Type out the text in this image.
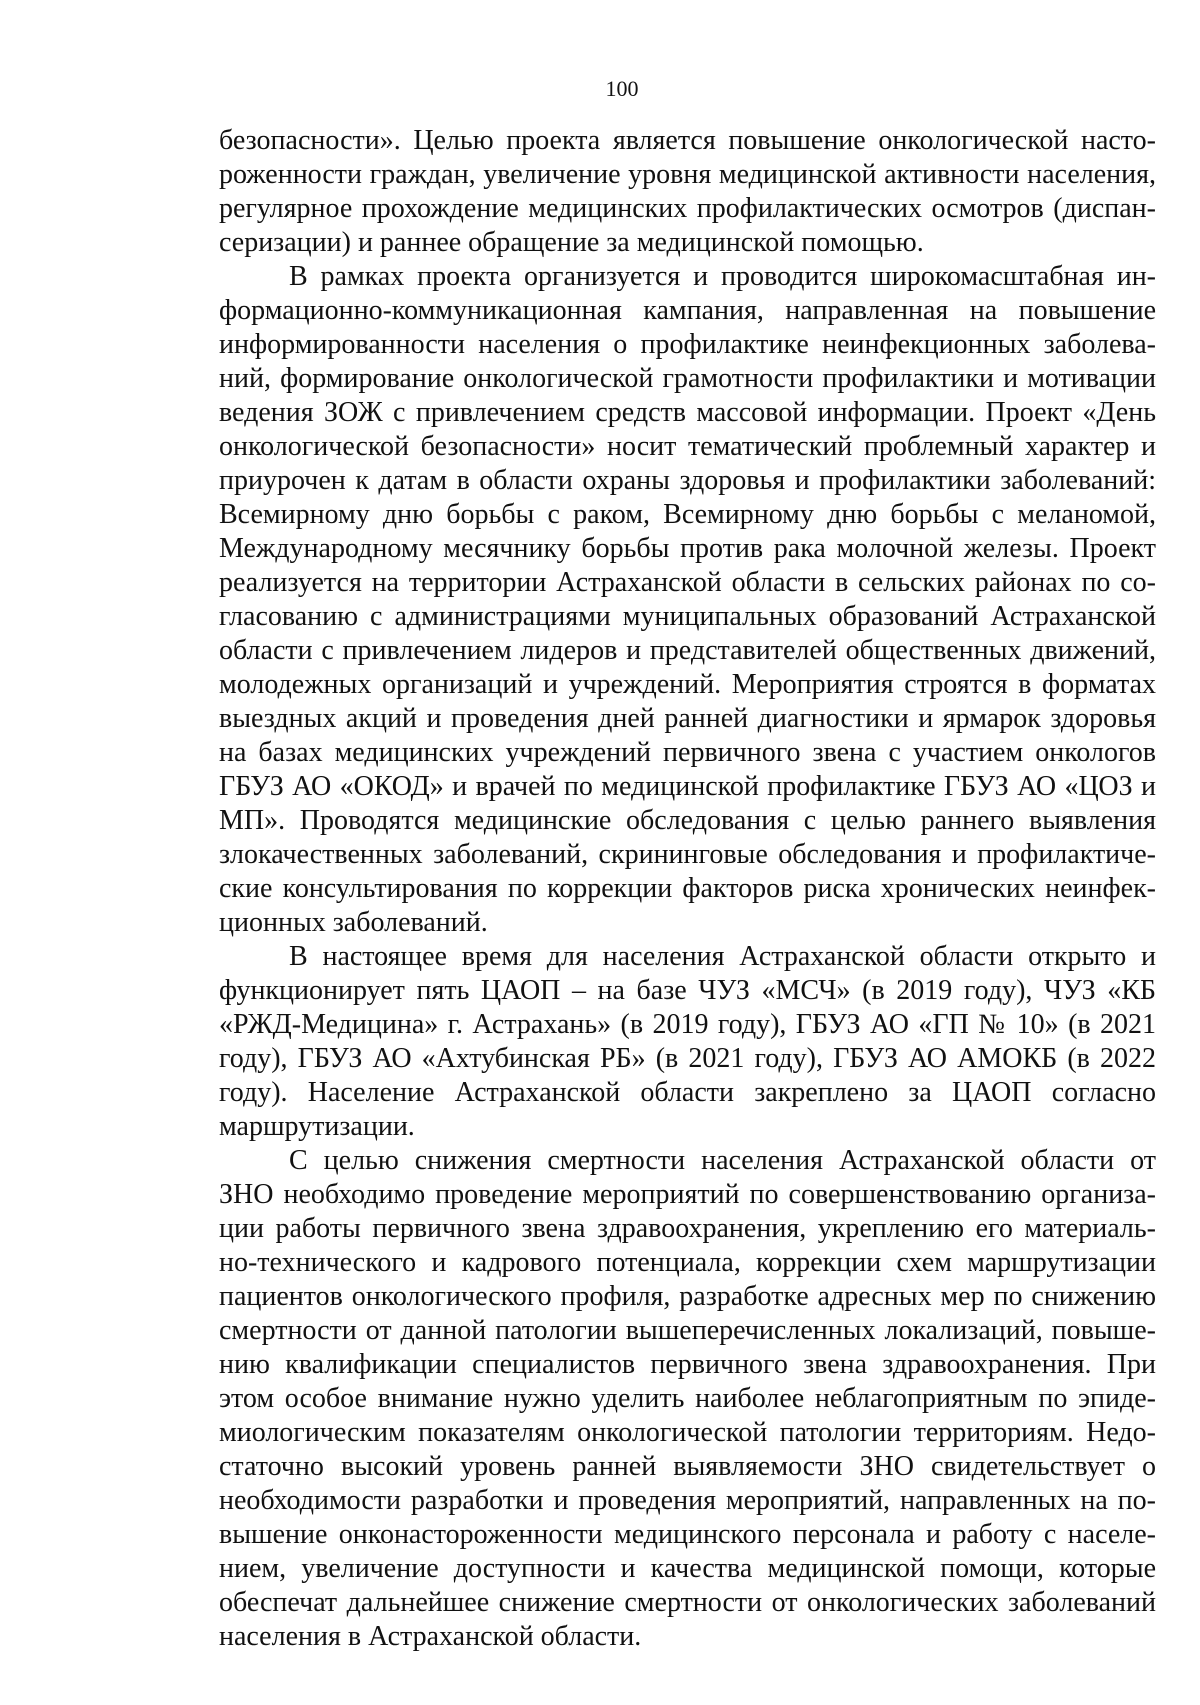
100

безопасности». Целью проекта является повышение онкологической насто-
роженности граждан, увеличение уровня медицинской активности населения,
регулярное прохождение медицинских профилактических осмотров (диспан-
серизации) и раннее обращение за медицинской помощью.

В рамках проекта организуется и проводится широкомасштабная ин-
формационно-коммуникационная кампания, направленная на повышение
информированности населения о профилактике неинфекционных заболева-
ний, формирование онкологической грамотности профилактики и мотивации
ведения ЗОЖ с привлечением средств массовой информации. Проект «День
онкологической безопасности» носит тематический проблемный характер и
приурочен к датам в области охраны здоровья и профилактики заболеваний:
Всемирному дню борьбы с раком, Всемирному дню борьбы с меланомой,
Международному месячнику борьбы против рака молочной железы. Проект
реализуется на территории Астраханской области в сельских районах по со-
гласованию с администрациями муниципальных образований Астраханской
области с привлечением лидеров и представителей общественных движений,
молодежных организаций и учреждений. Мероприятия строятся в форматах
выездных акций и проведения дней ранней диагностики и ярмарок здоровья
на базах медицинских учреждений первичного звена с участием онкологов
ГБУЗ АО «ОКОД» и врачей по медицинской профилактике ГБУЗ АО «ЦОЗ и
МП». Проводятся медицинские обследования с целью раннего выявления
злокачественных заболеваний, скрининговые обследования и профилактиче-
ские консультирования по коррекции факторов риска хронических неинфек-
ционных заболеваний.

В настоящее время для населения Астраханской области открыто и
функционирует пять ЦАОП – на базе ЧУЗ «МСЧ» (в 2019 году), ЧУЗ «КБ
«РЖД-Медицина» г. Астрахань» (в 2019 году), ГБУЗ АО «ГП № 10» (в 2021
году), ГБУЗ АО «Ахтубинская РБ» (в 2021 году), ГБУЗ АО АМОКБ (в 2022
году). Население Астраханской области закреплено за ЦАОП согласно
маршрутизации.

С целью снижения смертности населения Астраханской области от
ЗНО необходимо проведение мероприятий по совершенствованию организа-
ции работы первичного звена здравоохранения, укреплению его материаль-
но-технического и кадрового потенциала, коррекции схем маршрутизации
пациентов онкологического профиля, разработке адресных мер по снижению
смертности от данной патологии вышеперечисленных локализаций, повыше-
нию квалификации специалистов первичного звена здравоохранения. При
этом особое внимание нужно уделить наиболее неблагоприятным по эпиде-
миологическим показателям онкологической патологии территориям. Недо-
статочно высокий уровень ранней выявляемости ЗНО свидетельствует о
необходимости разработки и проведения мероприятий, направленных на по-
вышение онконастороженности медицинского персонала и работу с населе-
нием, увеличение доступности и качества медицинской помощи, которые
обеспечат дальнейшее снижение смертности от онкологических заболеваний
населения в Астраханской области.
